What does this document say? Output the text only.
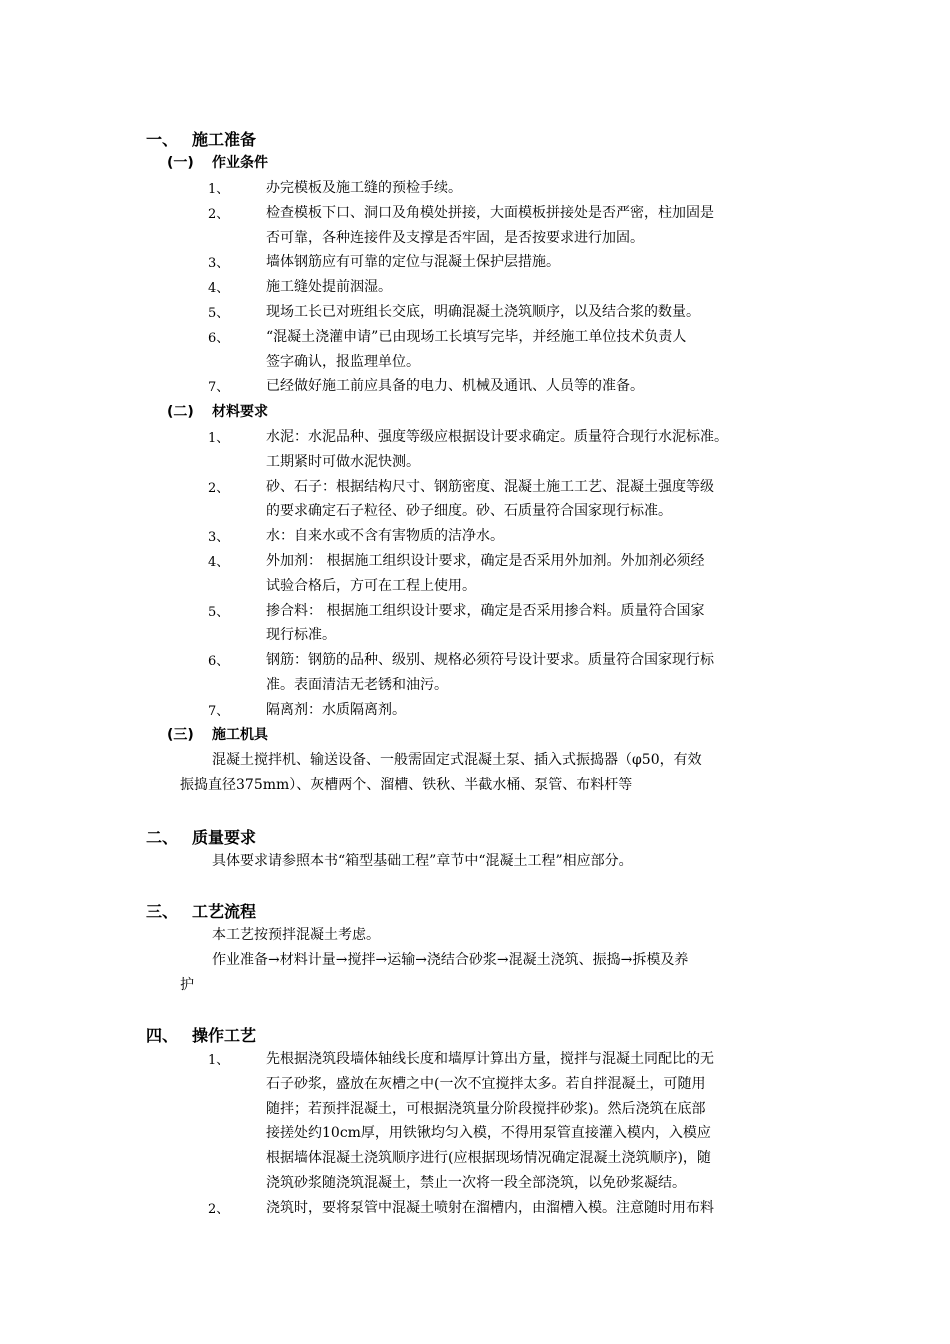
一、 施工准备
(一) 作业条件
1、	办完模板及施工缝的预检手续。
2、	检查模板下口、洞口及角模处拼接，大面模板拼接处是否严密，柱加固是
否可靠，各种连接件及支撑是否牢固，是否按要求进行加固。
3、	墙体钢筋应有可靠的定位与混凝土保护层措施。
4、	施工缝处提前洇湿。
5、	现场工长已对班组长交底，明确混凝土浇筑顺序，以及结合浆的数量。
6、	“混凝土浇灌申请”已由现场工长填写完毕，并经施工单位技术负责人
签字确认，报监理单位。
7、	已经做好施工前应具备的电力、机械及通讯、人员等的准备。
(二) 材料要求
1、	水泥：水泥品种、强度等级应根据设计要求确定。质量符合现行水泥标准。
工期紧时可做水泥快测。
2、	砂、石子：根据结构尺寸、钢筋密度、混凝土施工工艺、混凝土强度等级
的要求确定石子粒径、砂子细度。砂、石质量符合国家现行标准。
3、	水：自来水或不含有害物质的洁净水。
4、	外加剂： 根据施工组织设计要求，确定是否采用外加剂。外加剂必须经
试验合格后，方可在工程上使用。
5、	掺合料： 根据施工组织设计要求，确定是否采用掺合料。质量符合国家
现行标准。
6、	钢筋：钢筋的品种、级别、规格必须符号设计要求。质量符合国家现行标
准。表面清洁无老锈和油污。
7、	隔离剂：水质隔离剂。
(三) 施工机具
混凝土搅拌机、输送设备、一般需固定式混凝土泵、插入式振捣器（φ50，有效
振捣直径375mm）、灰槽两个、溜槽、铁秋、半截水桶、泵管、布料杆等
二、 质量要求
具体要求请参照本书“箱型基础工程”章节中“混凝土工程”相应部分。
三、 工艺流程
本工艺按预拌混凝土考虑。
作业准备→材料计量→搅拌→运输→浇结合砂浆→混凝土浇筑、振捣→拆模及养
护
四、 操作工艺
1、	先根据浇筑段墙体轴线长度和墙厚计算出方量，搅拌与混凝土同配比的无
石子砂浆，盛放在灰槽之中(一次不宜搅拌太多。若自拌混凝土，可随用
随拌；若预拌混凝土，可根据浇筑量分阶段搅拌砂浆)。然后浇筑在底部
接搓处约10cm厚，用铁锹均匀入模，不得用泵管直接灌入模内，入模应
根据墙体混凝土浇筑顺序进行(应根据现场情况确定混凝土浇筑顺序)，随
浇筑砂浆随浇筑混凝土，禁止一次将一段全部浇筑，以免砂浆凝结。
2、	浇筑时，要将泵管中混凝土喷射在溜槽内，由溜槽入模。注意随时用布料
